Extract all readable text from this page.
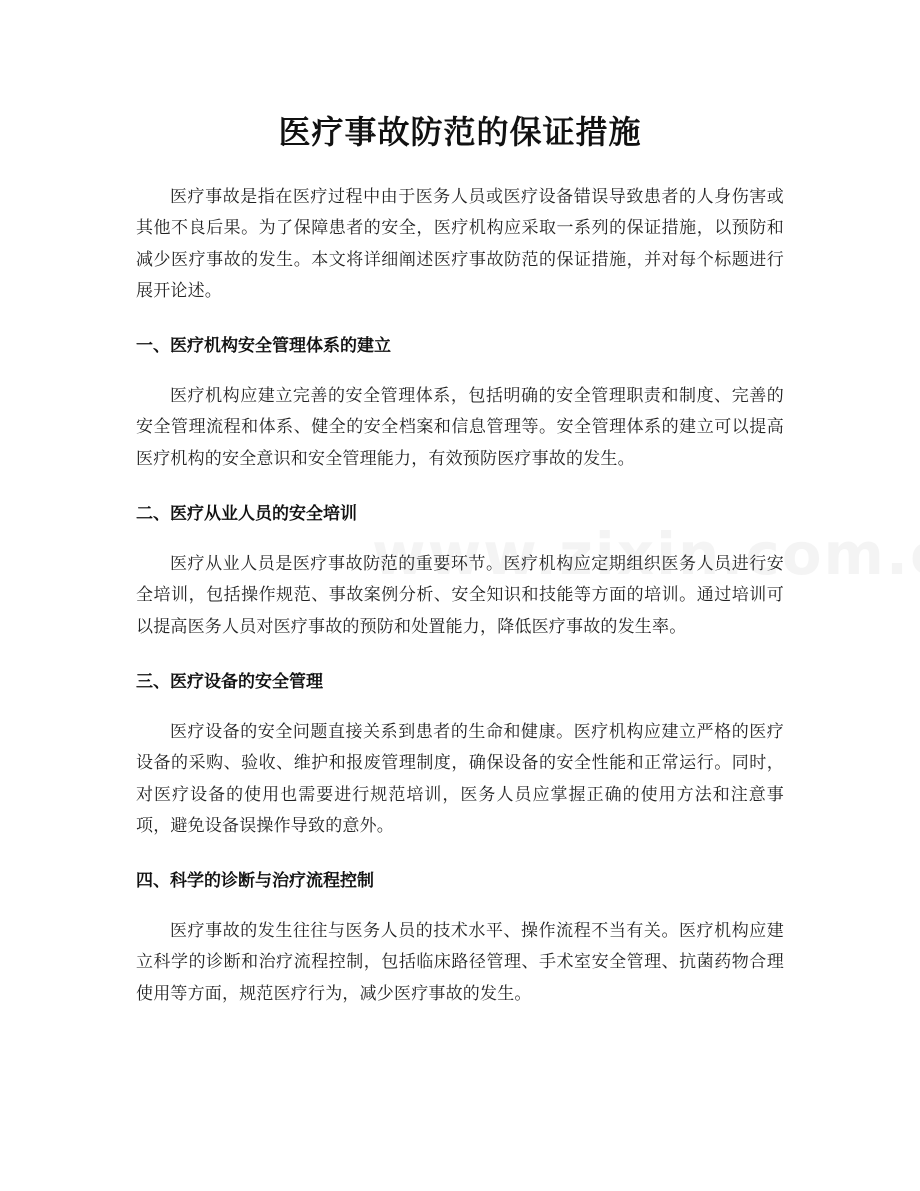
医疗事故防范的保证措施

医疗事故是指在医疗过程中由于医务人员或医疗设备错误导致患者的人身伤害或其他不良后果。为了保障患者的安全，医疗机构应采取一系列的保证措施，以预防和减少医疗事故的发生。本文将详细阐述医疗事故防范的保证措施，并对每个标题进行展开论述。

一、医疗机构安全管理体系的建立

医疗机构应建立完善的安全管理体系，包括明确的安全管理职责和制度、完善的安全管理流程和体系、健全的安全档案和信息管理等。安全管理体系的建立可以提高医疗机构的安全意识和安全管理能力，有效预防医疗事故的发生。

二、医疗从业人员的安全培训

医疗从业人员是医疗事故防范的重要环节。医疗机构应定期组织医务人员进行安全培训，包括操作规范、事故案例分析、安全知识和技能等方面的培训。通过培训可以提高医务人员对医疗事故的预防和处置能力，降低医疗事故的发生率。

三、医疗设备的安全管理

医疗设备的安全问题直接关系到患者的生命和健康。医疗机构应建立严格的医疗设备的采购、验收、维护和报废管理制度，确保设备的安全性能和正常运行。同时，对医疗设备的使用也需要进行规范培训，医务人员应掌握正确的使用方法和注意事项，避免设备误操作导致的意外。

四、科学的诊断与治疗流程控制

医疗事故的发生往往与医务人员的技术水平、操作流程不当有关。医疗机构应建立科学的诊断和治疗流程控制，包括临床路径管理、手术室安全管理、抗菌药物合理使用等方面，规范医疗行为，减少医疗事故的发生。
